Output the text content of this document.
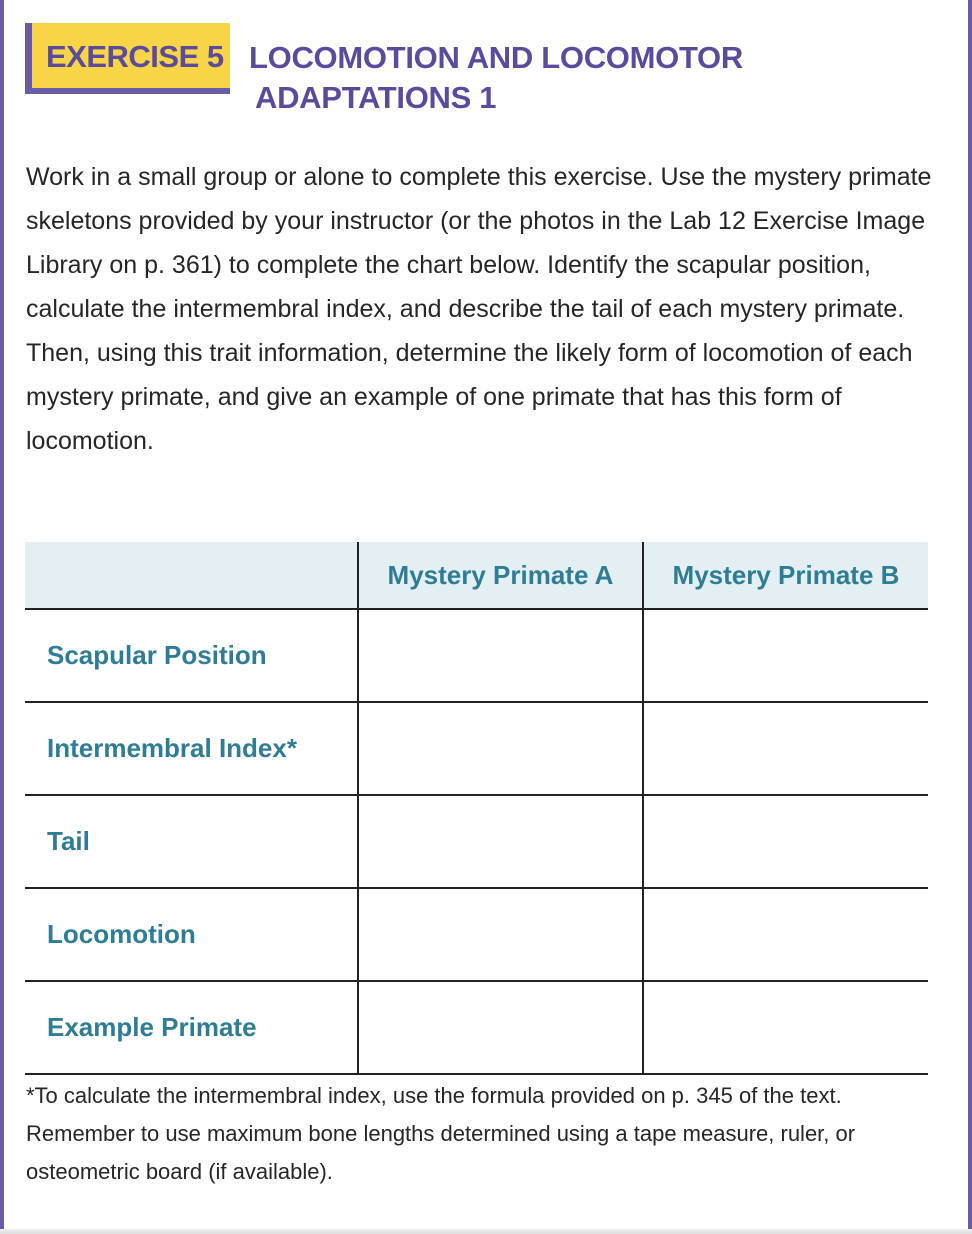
EXERCISE 5 LOCOMOTION AND LOCOMOTOR
ADAPTATIONS 1
Work in a small group or alone to complete this exercise. Use the mystery primate skeletons provided by your instructor (or the photos in the Lab 12 Exercise Image Library on p. 361) to complete the chart below. Identify the scapular position, calculate the intermembral index, and describe the tail of each mystery primate. Then, using this trait information, determine the likely form of locomotion of each mystery primate, and give an example of one primate that has this form of locomotion.
	Mystery Primate A	Mystery Primate B
Scapular Position		
Intermembral Index*		
Tail		
Locomotion		
Example Primate		
*To calculate the intermembral index, use the formula provided on p. 345 of the text. Remember to use maximum bone lengths determined using a tape measure, ruler, or osteometric board (if available).
